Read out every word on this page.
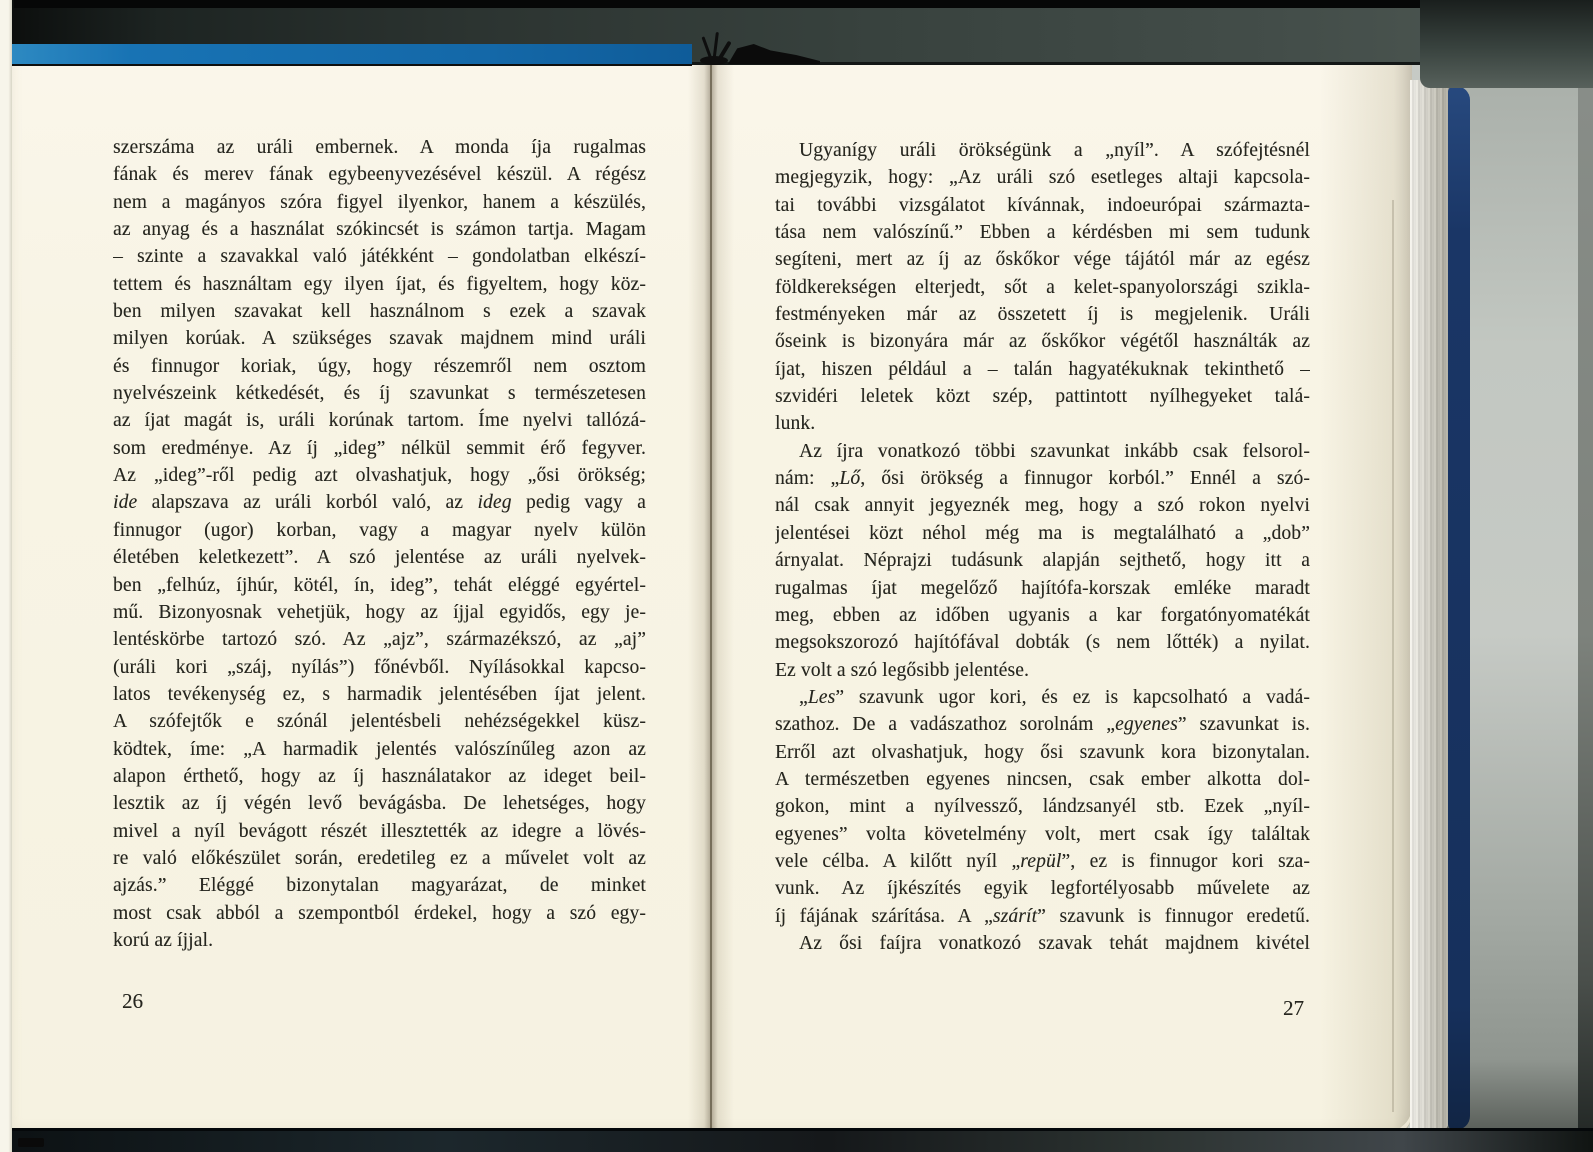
szerszáma az uráli embernek. A monda íja rugalmas
fának és merev fának egybeenyvezésével készül. A régész
nem a magányos szóra figyel ilyenkor, hanem a készülés,
az anyag és a használat szókincsét is számon tartja. Magam
– szinte a szavakkal való játékként – gondolatban elkészí-
tettem és használtam egy ilyen íjat, és figyeltem, hogy köz-
ben milyen szavakat kell használnom s ezek a szavak
milyen korúak. A szükséges szavak majdnem mind uráli
és finnugor koriak, úgy, hogy részemről nem osztom
nyelvészeink kétkedését, és íj szavunkat s természetesen
az íjat magát is, uráli korúnak tartom. Íme nyelvi tallózá-
som eredménye. Az íj „ideg” nélkül semmit érő fegyver.
Az „ideg”-ről pedig azt olvashatjuk, hogy „ősi örökség;
ide alapszava az uráli korból való, az ideg pedig vagy a
finnugor (ugor) korban, vagy a magyar nyelv külön
életében keletkezett”. A szó jelentése az uráli nyelvek-
ben „felhúz, íjhúr, kötél, ín, ideg”, tehát eléggé egyértel-
mű. Bizonyosnak vehetjük, hogy az íjjal egyidős, egy je-
lentéskörbe tartozó szó. Az „ajz”, származékszó, az „aj”
(uráli kori „száj, nyílás”) főnévből. Nyílásokkal kapcso-
latos tevékenység ez, s harmadik jelentésében íjat jelent.
A szófejtők e szónál jelentésbeli nehézségekkel küsz-
ködtek, íme: „A harmadik jelentés valószínűleg azon az
alapon érthető, hogy az íj használatakor az ideget beil-
lesztik az íj végén levő bevágásba. De lehetséges, hogy
mivel a nyíl bevágott részét illesztették az idegre a lövés-
re való előkészület során, eredetileg ez a művelet volt az
ajzás.” Eléggé bizonytalan magyarázat, de minket
most csak abból a szempontból érdekel, hogy a szó egy-
korú az íjjal.
Ugyanígy uráli örökségünk a „nyíl”. A szófejtésnél
megjegyzik, hogy: „Az uráli szó esetleges altaji kapcsola-
tai további vizsgálatot kívánnak, indoeurópai származta-
tása nem valószínű.” Ebben a kérdésben mi sem tudunk
segíteni, mert az íj az őskőkor vége tájától már az egész
földkerekségen elterjedt, sőt a kelet-spanyolországi szikla-
festményeken már az összetett íj is megjelenik. Uráli
őseink is bizonyára már az őskőkor végétől használták az
íjat, hiszen például a – talán hagyatékuknak tekinthető –
szvidéri leletek közt szép, pattintott nyílhegyeket talá-
lunk.
Az íjra vonatkozó többi szavunkat inkább csak felsorol-
nám: „Lő, ősi örökség a finnugor korból.” Ennél a szó-
nál csak annyit jegyeznék meg, hogy a szó rokon nyelvi
jelentései közt néhol még ma is megtalálható a „dob”
árnyalat. Néprajzi tudásunk alapján sejthető, hogy itt a
rugalmas íjat megelőző hajítófa-korszak emléke maradt
meg, ebben az időben ugyanis a kar forgatónyomatékát
megsokszorozó hajítófával dobták (s nem lőtték) a nyilat.
Ez volt a szó legősibb jelentése.
„Les” szavunk ugor kori, és ez is kapcsolható a vadá-
szathoz. De a vadászathoz sorolnám „egyenes” szavunkat is.
Erről azt olvashatjuk, hogy ősi szavunk kora bizonytalan.
A természetben egyenes nincsen, csak ember alkotta dol-
gokon, mint a nyílvessző, lándzsanyél stb. Ezek „nyíl-
egyenes” volta követelmény volt, mert csak így találtak
vele célba. A kilőtt nyíl „repül”, ez is finnugor kori sza-
vunk. Az íjkészítés egyik legfortélyosabb művelete az
íj fájának szárítása. A „szárít” szavunk is finnugor eredetű.
Az ősi faíjra vonatkozó szavak tehát majdnem kivétel
26	27
